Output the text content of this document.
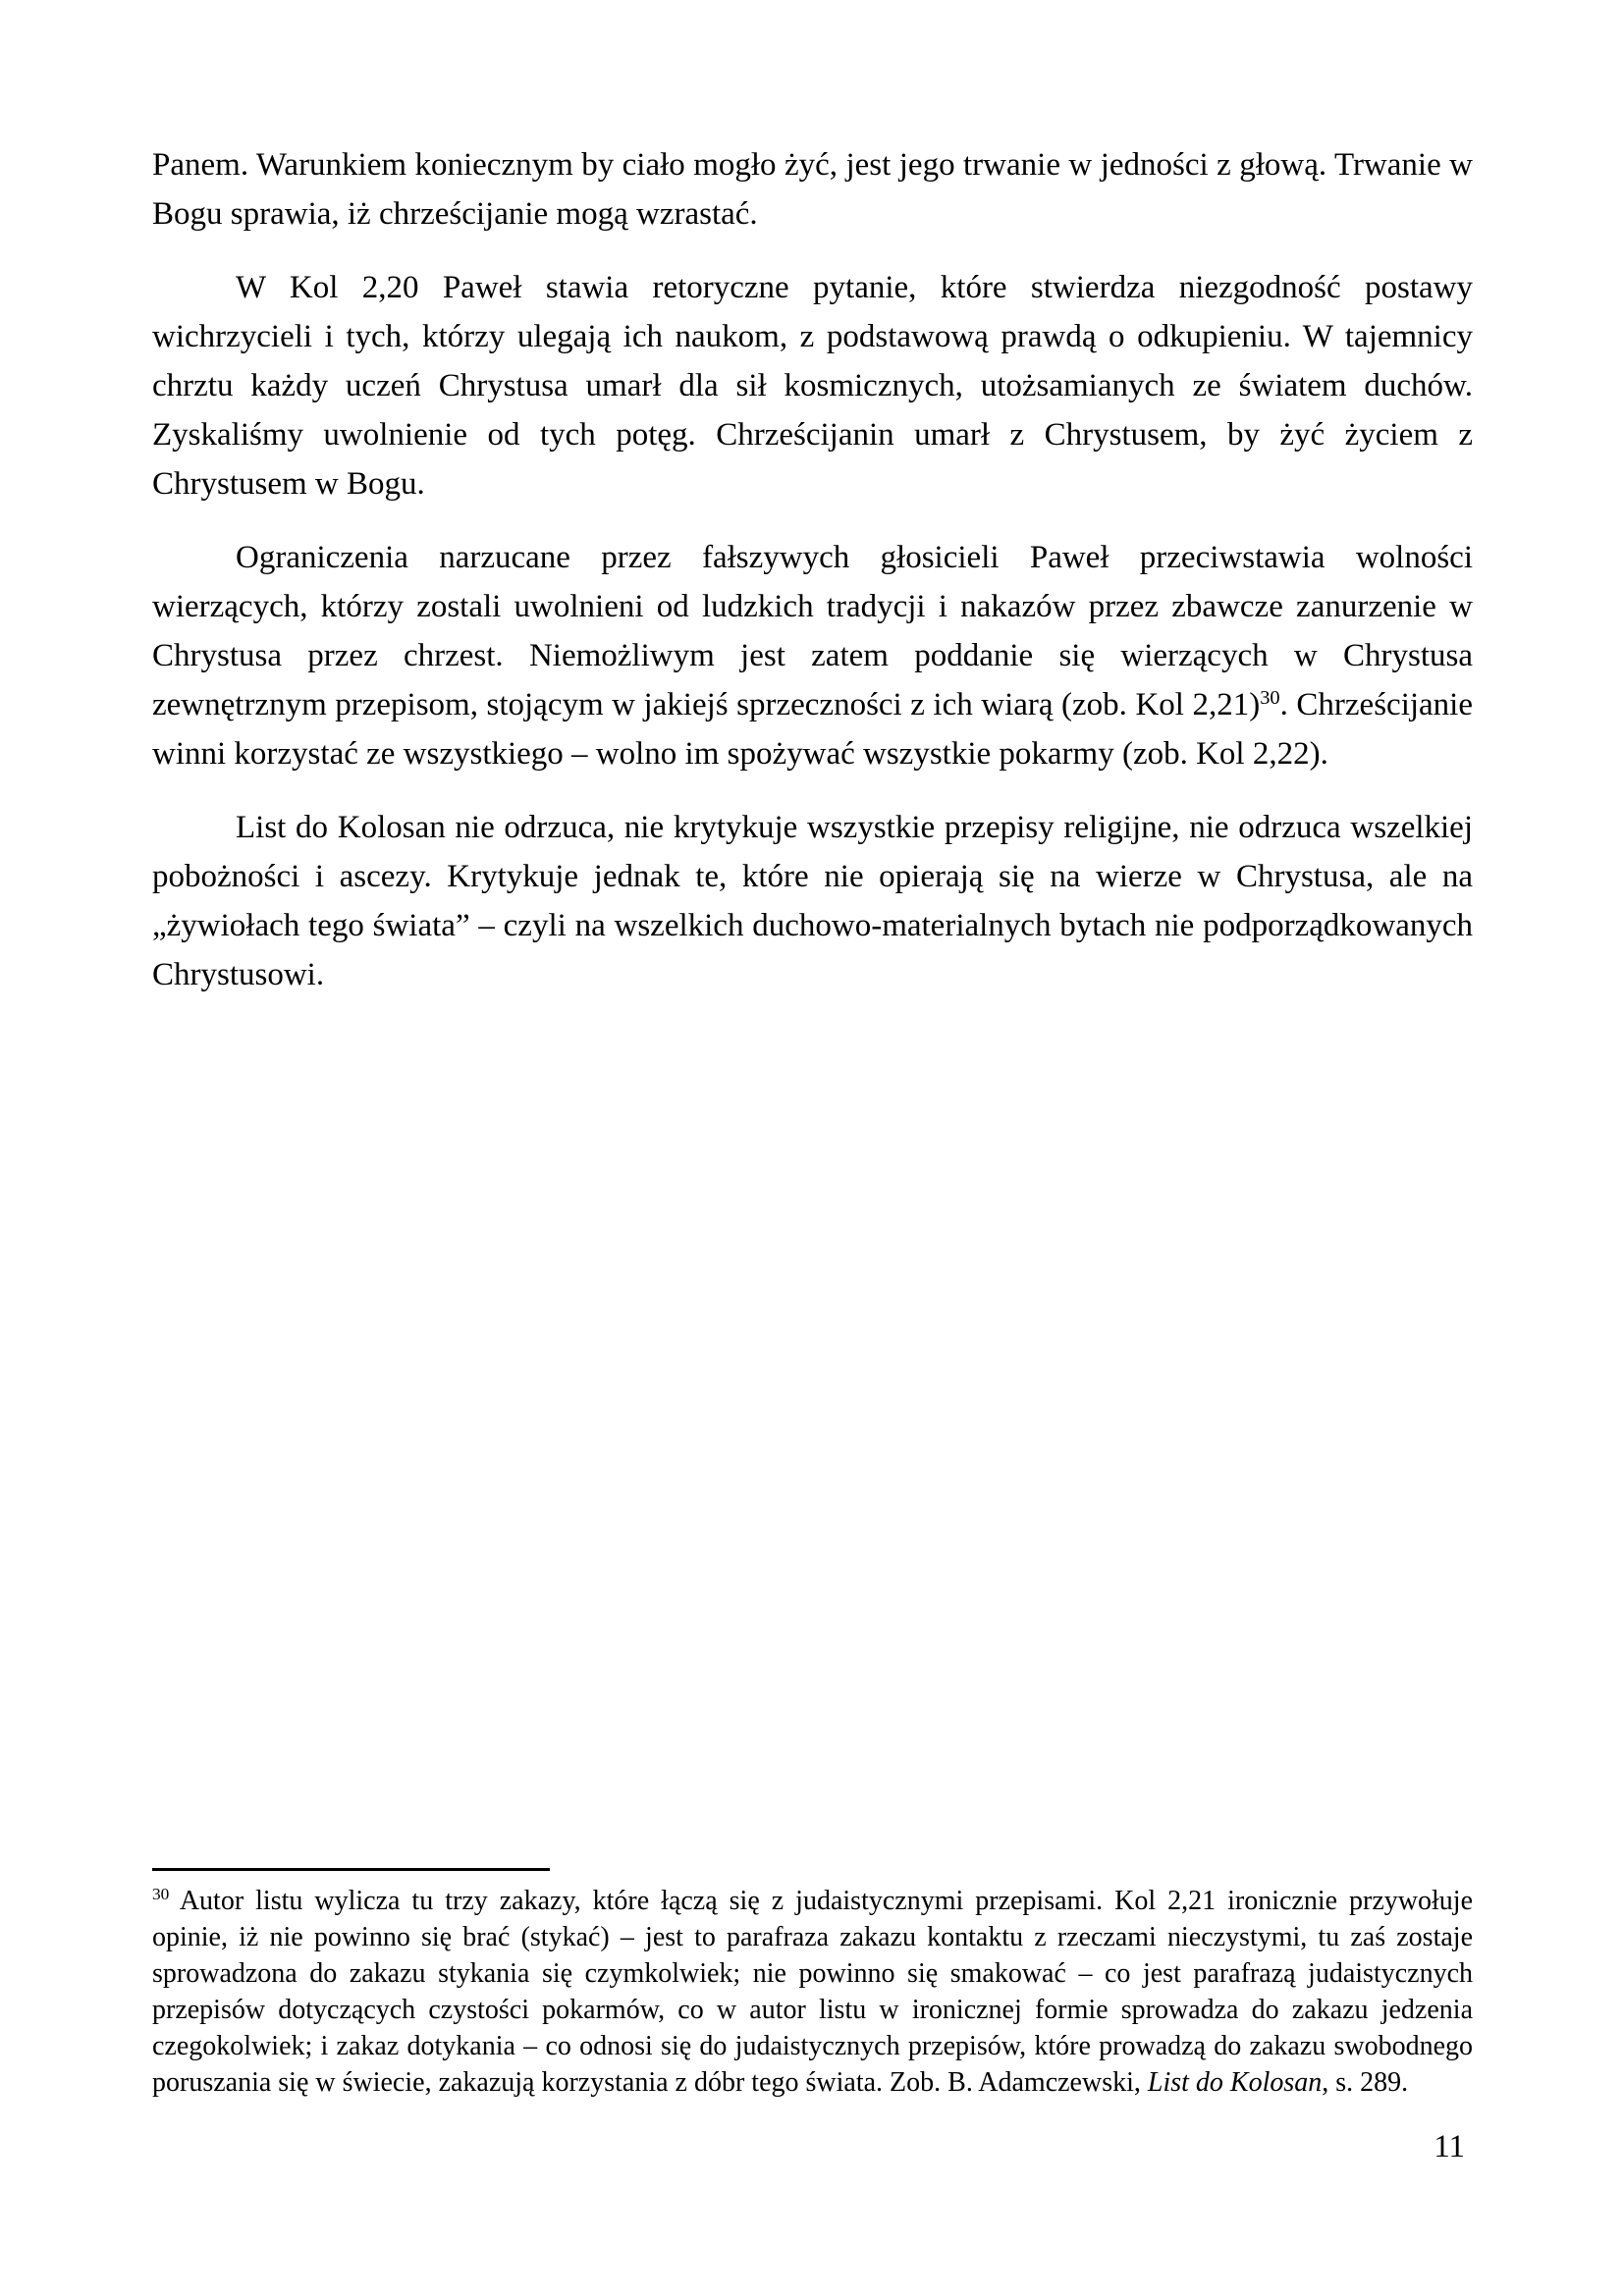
Panem. Warunkiem koniecznym by ciało mogło żyć, jest jego trwanie w jedności z głową. Trwanie w Bogu sprawia, iż chrześcijanie mogą wzrastać.

W Kol 2,20 Paweł stawia retoryczne pytanie, które stwierdza niezgodność postawy wichrzycieli i tych, którzy ulegają ich naukom, z podstawową prawdą o odkupieniu. W tajemnicy chrztu każdy uczeń Chrystusa umarł dla sił kosmicznych, utożsamianych ze światem duchów. Zyskaliśmy uwolnienie od tych potęg. Chrześcijanin umarł z Chrystusem, by żyć życiem z Chrystusem w Bogu.

Ograniczenia narzucane przez fałszywych głosicieli Paweł przeciwstawia wolności wierzących, którzy zostali uwolnieni od ludzkich tradycji i nakazów przez zbawcze zanurzenie w Chrystusa przez chrzest. Niemożliwym jest zatem poddanie się wierzących w Chrystusa zewnętrznym przepisom, stojącym w jakiejś sprzeczności z ich wiarą (zob. Kol 2,21)$^{30}$. Chrześcijanie winni korzystać ze wszystkiego – wolno im spożywać wszystkie pokarmy (zob. Kol 2,22).

List do Kolosan nie odrzuca, nie krytykuje wszystkie przepisy religijne, nie odrzuca wszelkiej pobożności i ascezy. Krytykuje jednak te, które nie opierają się na wierze w Chrystusa, ale na „żywiołach tego świata” – czyli na wszelkich duchowo-materialnych bytach nie podporządkowanych Chrystusowi.

$^{30}$ Autor listu wylicza tu trzy zakazy, które łączą się z judaistycznymi przepisami. Kol 2,21 ironicznie przywołuje opinie, iż nie powinno się brać (stykać) – jest to parafraza zakazu kontaktu z rzeczami nieczystymi, tu zaś zostaje sprowadzona do zakazu stykania się czymkolwiek; nie powinno się smakować – co jest parafrazą judaistycznych przepisów dotyczących czystości pokarmów, co w autor listu w ironicznej formie sprowadza do zakazu jedzenia czegokolwiek; i zakaz dotykania – co odnosi się do judaistycznych przepisów, które prowadzą do zakazu swobodnego poruszania się w świecie, zakazują korzystania z dóbr tego świata. Zob. B. Adamczewski, List do Kolosan, s. 289.

11
